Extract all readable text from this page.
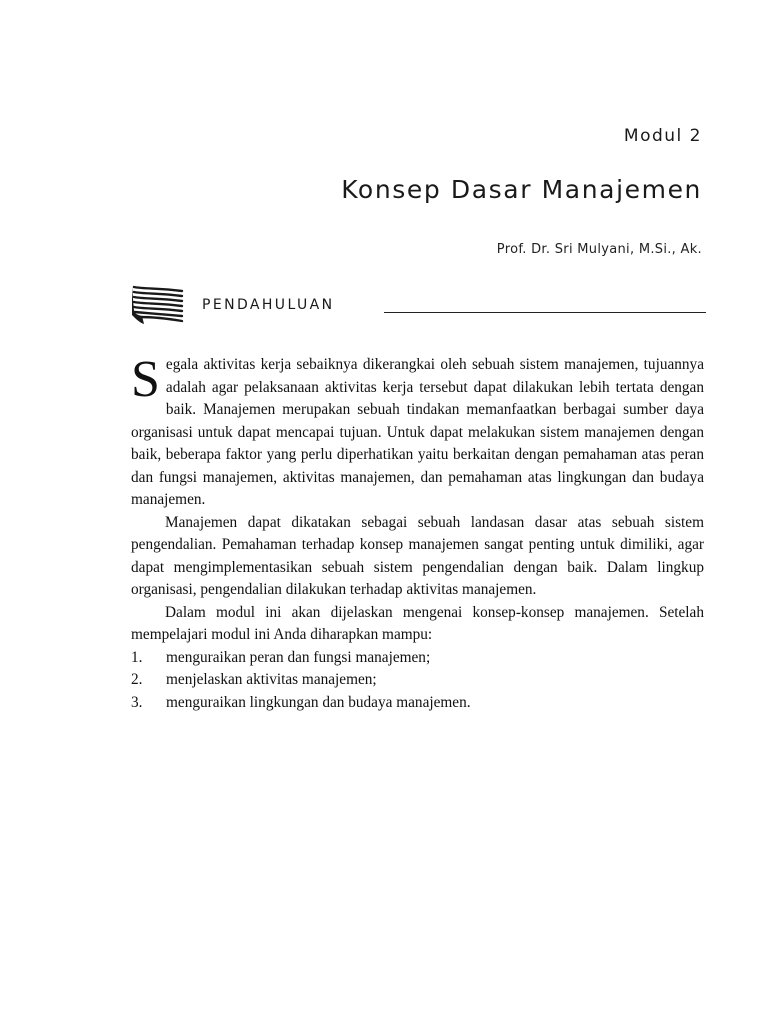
Modul 2
Konsep Dasar Manajemen
Prof. Dr. Sri Mulyani, M.Si., Ak.
PENDAHULUAN

Segala aktivitas kerja sebaiknya dikerangkai oleh sebuah sistem manajemen, tujuannya adalah agar pelaksanaan aktivitas kerja tersebut dapat dilakukan lebih tertata dengan baik. Manajemen merupakan sebuah tindakan memanfaatkan berbagai sumber daya organisasi untuk dapat mencapai tujuan. Untuk dapat melakukan sistem manajemen dengan baik, beberapa faktor yang perlu diperhatikan yaitu berkaitan dengan pemahaman atas peran dan fungsi manajemen, aktivitas manajemen, dan pemahaman atas lingkungan dan budaya manajemen.

Manajemen dapat dikatakan sebagai sebuah landasan dasar atas sebuah sistem pengendalian. Pemahaman terhadap konsep manajemen sangat penting untuk dimiliki, agar dapat mengimplementasikan sebuah sistem pengendalian dengan baik. Dalam lingkup organisasi, pengendalian dilakukan terhadap aktivitas manajemen.

Dalam modul ini akan dijelaskan mengenai konsep-konsep manajemen. Setelah mempelajari modul ini Anda diharapkan mampu:

1.	menguraikan peran dan fungsi manajemen;
2.	menjelaskan aktivitas manajemen;
3.	menguraikan lingkungan dan budaya manajemen.
